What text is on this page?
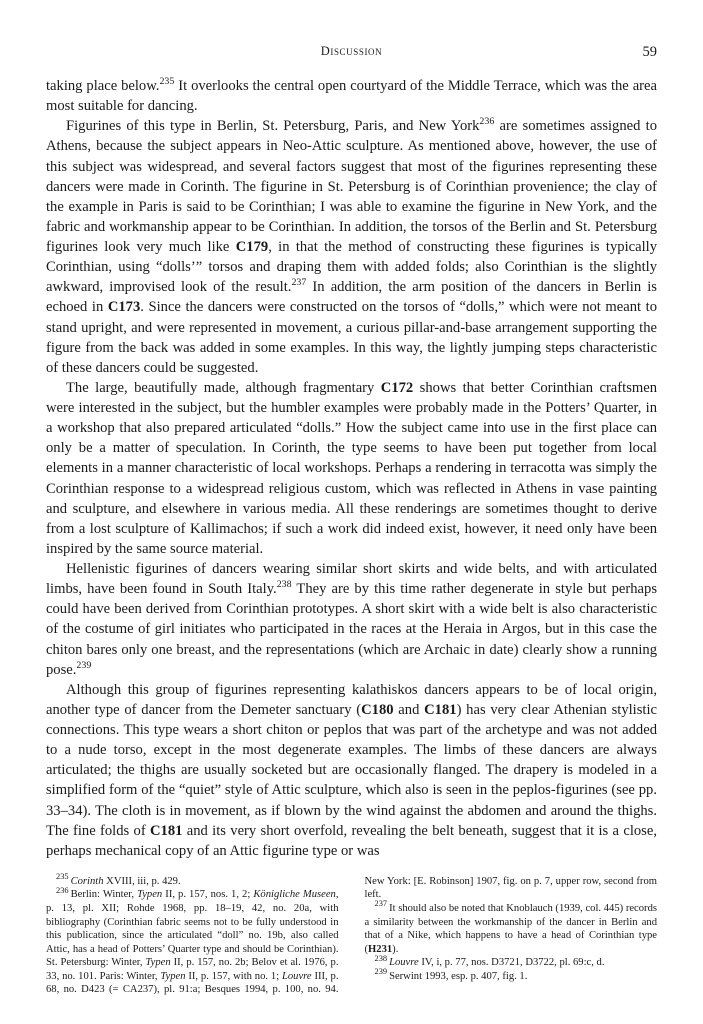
Discussion	59

taking place below.$^{235}$ It overlooks the central open courtyard of the Middle Terrace, which was the area most suitable for dancing.

Figurines of this type in Berlin, St. Petersburg, Paris, and New York$^{236}$ are sometimes assigned to Athens, because the subject appears in Neo-Attic sculpture. As mentioned above, however, the use of this subject was widespread, and several factors suggest that most of the figurines representing these dancers were made in Corinth. The figurine in St. Petersburg is of Corinthian provenience; the clay of the example in Paris is said to be Corinthian; I was able to examine the figurine in New York, and the fabric and workmanship appear to be Corinthian. In addition, the torsos of the Berlin and St. Petersburg figurines look very much like C179, in that the method of constructing these figurines is typically Corinthian, using “dolls’” torsos and draping them with added folds; also Corinthian is the slightly awkward, improvised look of the result.$^{237}$ In addition, the arm position of the dancers in Berlin is echoed in C173. Since the dancers were constructed on the torsos of “dolls,” which were not meant to stand upright, and were represented in movement, a curious pillar-and-base arrangement supporting the figure from the back was added in some examples. In this way, the lightly jumping steps characteristic of these dancers could be suggested.

The large, beautifully made, although fragmentary C172 shows that better Corinthian craftsmen were interested in the subject, but the humbler examples were probably made in the Potters’ Quarter, in a workshop that also prepared articulated “dolls.” How the subject came into use in the first place can only be a matter of speculation. In Corinth, the type seems to have been put together from local elements in a manner characteristic of local workshops. Perhaps a rendering in terracotta was simply the Corinthian response to a widespread religious custom, which was reflected in Athens in vase painting and sculpture, and elsewhere in various media. All these renderings are sometimes thought to derive from a lost sculpture of Kallimachos; if such a work did indeed exist, however, it need only have been inspired by the same source material.

Hellenistic figurines of dancers wearing similar short skirts and wide belts, and with articulated limbs, have been found in South Italy.$^{238}$ They are by this time rather degenerate in style but perhaps could have been derived from Corinthian prototypes. A short skirt with a wide belt is also characteristic of the costume of girl initiates who participated in the races at the Heraia in Argos, but in this case the chiton bares only one breast, and the representations (which are Archaic in date) clearly show a running pose.$^{239}$

Although this group of figurines representing kalathiskos dancers appears to be of local origin, another type of dancer from the Demeter sanctuary (C180 and C181) has very clear Athenian stylistic connections. This type wears a short chiton or peplos that was part of the archetype and was not added to a nude torso, except in the most degenerate examples. The limbs of these dancers are always articulated; the thighs are usually socketed but are occasionally flanged. The drapery is modeled in a simplified form of the “quiet” style of Attic sculpture, which also is seen in the peplos-figurines (see pp. 33–34). The cloth is in movement, as if blown by the wind against the abdomen and around the thighs. The fine folds of C181 and its very short overfold, revealing the belt beneath, suggest that it is a close, perhaps mechanical copy of an Attic figurine type or was

$^{235}$ Corinth XVIII, iii, p. 429.

$^{236}$ Berlin: Winter, Typen II, p. 157, nos. 1, 2; Königliche Museen, p. 13, pl. XII; Rohde 1968, pp. 18–19, 42, no. 20a, with bibliography (Corinthian fabric seems not to be fully understood in this publication, since the articulated “doll” no. 19b, also called Attic, has a head of Potters’ Quarter type and should be Corinthian). St. Petersburg: Winter, Typen II, p. 157, no. 2b; Belov et al. 1976, p. 33, no. 101. Paris: Winter, Typen II, p. 157, with no. 1; Louvre III, p. 68, no. D423 (= CA237), pl. 91:a; Besques 1994, p. 100, no. 94. New York: [E. Robinson] 1907, fig. on p. 7, upper row, second from left.

$^{237}$ It should also be noted that Knoblauch (1939, col. 445) records a similarity between the workmanship of the dancer in Berlin and that of a Nike, which happens to have a head of Corinthian type (H231).

$^{238}$ Louvre IV, i, p. 77, nos. D3721, D3722, pl. 69:c, d.

$^{239}$ Serwint 1993, esp. p. 407, fig. 1.
